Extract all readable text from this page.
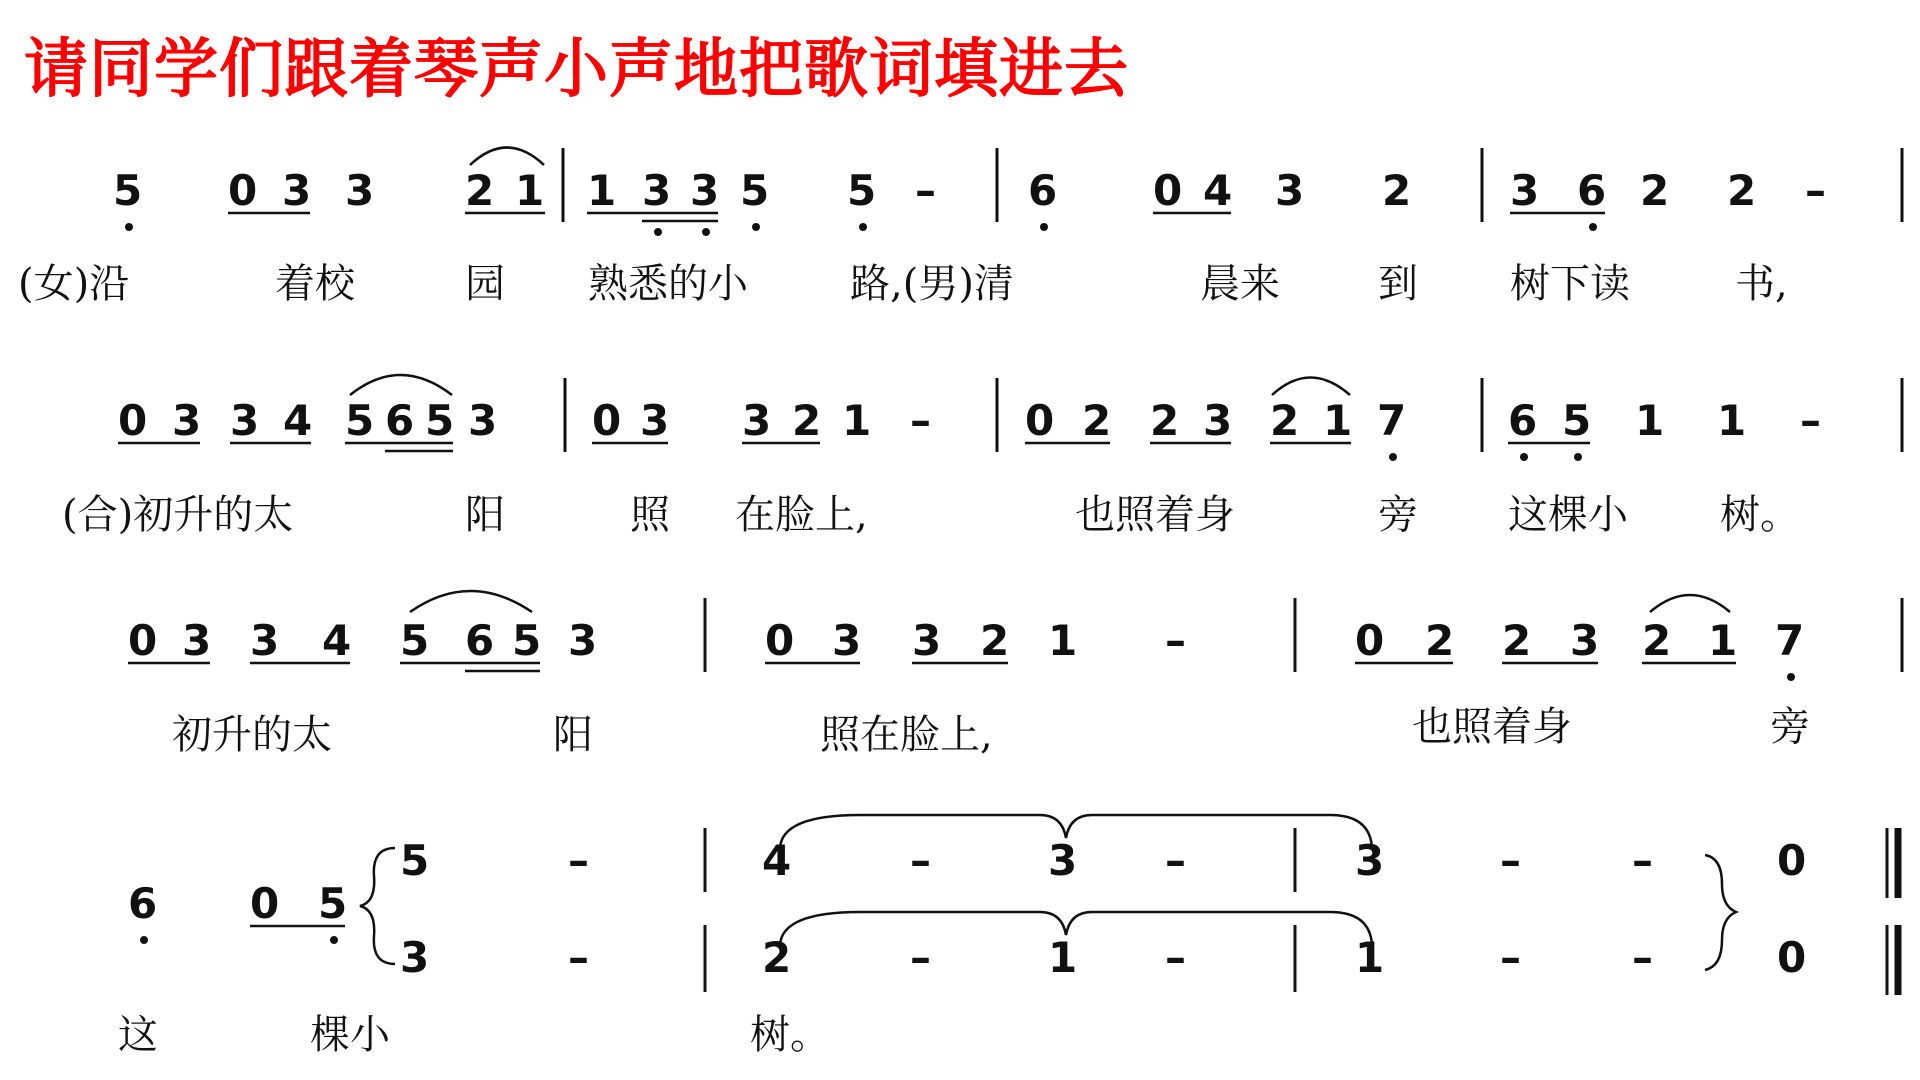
请同学们跟着琴声小声地把歌词填进去
5 0 3 3 2 1 1 3 3 5 5 – 6 0 4 3 2 3 6 2 2 –
(女)沿	着校	园 熟悉的小	路,(男)清	晨来 到 树下读	书,
0 3 3 4 5 6 5 3 0 3 3 2 1 – 0 2 2 3 2 1 7 6 5 1 1 –
(合)初升的太	阳	照 在脸上,	也照着身	旁 这棵小 树。
0 3 3 4 5 6 5 3	0 3 3 2 1 –	0 2 2 3 2 1 7
初升的太	阳	照在脸上,	也照着身	旁
6 0 5
5	–	4	–	3 –	3	–	–	0
3	–	2	–	1 –	1	–	–	0
这	棵小	树。
